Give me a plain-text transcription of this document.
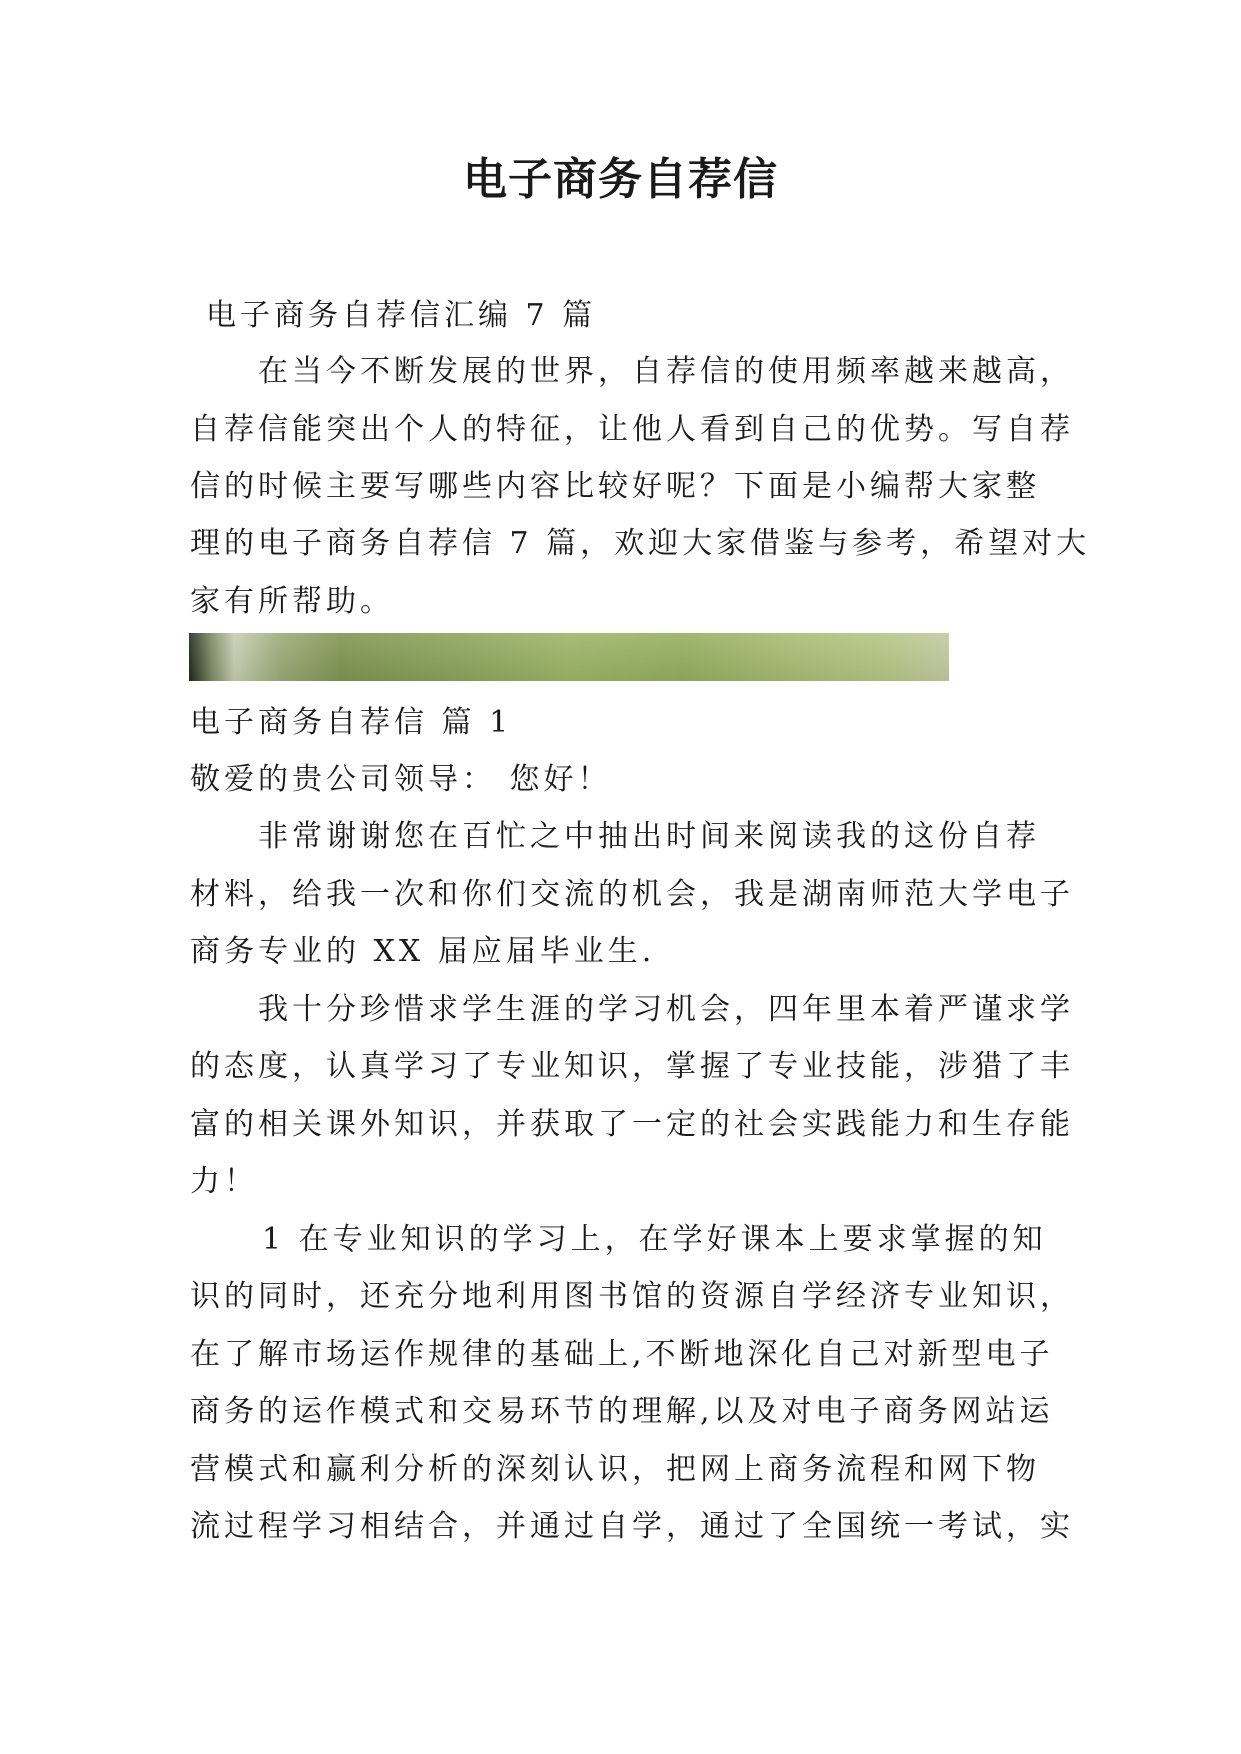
电子商务自荐信
电子商务自荐信汇编 7 篇
在当今不断发展的世界，自荐信的使用频率越来越高，
自荐信能突出个人的特征，让他人看到自己的优势。写自荐
信的时候主要写哪些内容比较好呢？下面是小编帮大家整
理的电子商务自荐信 7 篇，欢迎大家借鉴与参考，希望对大
家有所帮助。
电子商务自荐信 篇 1
敬爱的贵公司领导： 您好！
非常谢谢您在百忙之中抽出时间来阅读我的这份自荐
材料，给我一次和你们交流的机会，我是湖南师范大学电子
商务专业的 XX 届应届毕业生.
我十分珍惜求学生涯的学习机会，四年里本着严谨求学
的态度，认真学习了专业知识，掌握了专业技能，涉猎了丰
富的相关课外知识，并获取了一定的社会实践能力和生存能
力！
1 在专业知识的学习上，在学好课本上要求掌握的知
识的同时，还充分地利用图书馆的资源自学经济专业知识，
在了解市场运作规律的基础上,不断地深化自己对新型电子
商务的运作模式和交易环节的理解,以及对电子商务网站运
营模式和赢利分析的深刻认识，把网上商务流程和网下物
流过程学习相结合，并通过自学，通过了全国统一考试，实
